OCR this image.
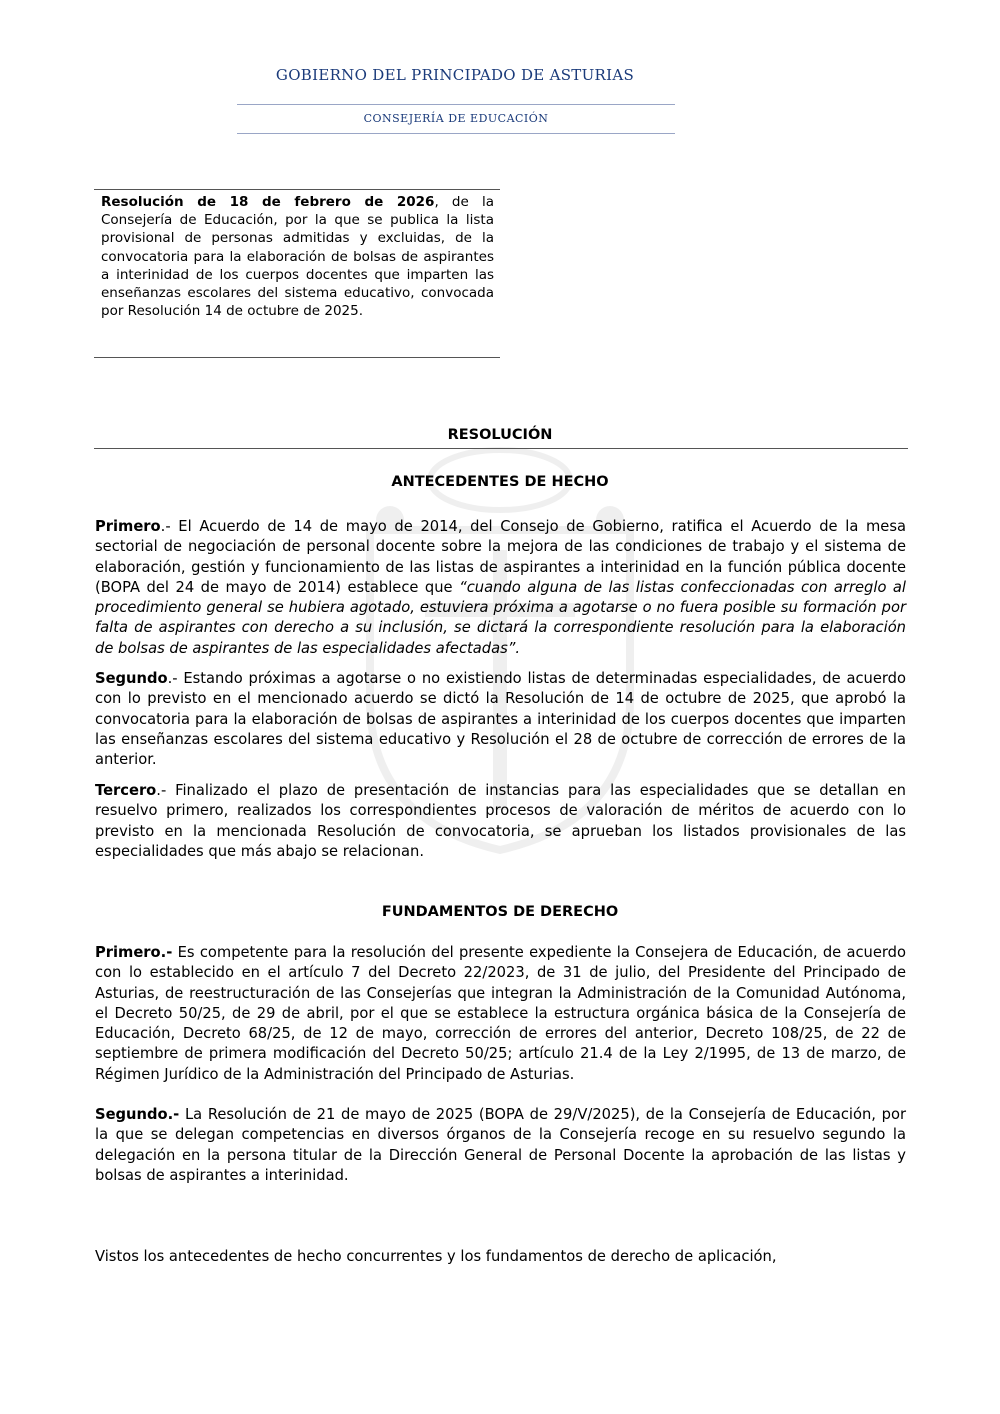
GOBIERNO DEL PRINCIPADO DE ASTURIAS
CONSEJERÍA DE EDUCACIÓN
Resolución de 18 de febrero de 2026, de la Consejería de Educación, por la que se publica la lista provisional de personas admitidas y excluidas, de la convocatoria para la elaboración de bolsas de aspirantes a interinidad de los cuerpos docentes que imparten las enseñanzas escolares del sistema educativo, convocada por Resolución 14 de octubre de 2025.
RESOLUCIÓN
ANTECEDENTES DE HECHO
Primero.- El Acuerdo de 14 de mayo de 2014, del Consejo de Gobierno, ratifica el Acuerdo de la mesa sectorial de negociación de personal docente sobre la mejora de las condiciones de trabajo y el sistema de elaboración, gestión y funcionamiento de las listas de aspirantes a interinidad en la función pública docente (BOPA del 24 de mayo de 2014) establece que “cuando alguna de las listas confeccionadas con arreglo al procedimiento general se hubiera agotado, estuviera próxima a agotarse o no fuera posible su formación por falta de aspirantes con derecho a su inclusión, se dictará la correspondiente resolución para la elaboración de bolsas de aspirantes de las especialidades afectadas”.
Segundo.- Estando próximas a agotarse o no existiendo listas de determinadas especialidades, de acuerdo con lo previsto en el mencionado acuerdo se dictó la Resolución de 14 de octubre de 2025, que aprobó la convocatoria para la elaboración de bolsas de aspirantes a interinidad de los cuerpos docentes que imparten las enseñanzas escolares del sistema educativo y Resolución el 28 de octubre de corrección de errores de la anterior.
Tercero.- Finalizado el plazo de presentación de instancias para las especialidades que se detallan en resuelvo primero, realizados los correspondientes procesos de valoración de méritos de acuerdo con lo previsto en la mencionada Resolución de convocatoria, se aprueban los listados provisionales de las especialidades que más abajo se relacionan.
FUNDAMENTOS DE DERECHO
Primero.- Es competente para la resolución del presente expediente la Consejera de Educación, de acuerdo con lo establecido en el artículo 7 del Decreto 22/2023, de 31 de julio, del Presidente del Principado de Asturias, de reestructuración de las Consejerías que integran la Administración de la Comunidad Autónoma, el Decreto 50/25, de 29 de abril, por el que se establece la estructura orgánica básica de la Consejería de Educación, Decreto 68/25, de 12 de mayo, corrección de errores del anterior, Decreto 108/25, de 22 de septiembre de primera modificación del Decreto 50/25; artículo 21.4 de la Ley 2/1995, de 13 de marzo, de Régimen Jurídico de la Administración del Principado de Asturias.
Segundo.- La Resolución de 21 de mayo de 2025 (BOPA de 29/V/2025), de la Consejería de Educación, por la que se delegan competencias en diversos órganos de la Consejería recoge en su resuelvo segundo la delegación en la persona titular de la Dirección General de Personal Docente la aprobación de las listas y bolsas de aspirantes a interinidad.
Vistos los antecedentes de hecho concurrentes y los fundamentos de derecho de aplicación,
